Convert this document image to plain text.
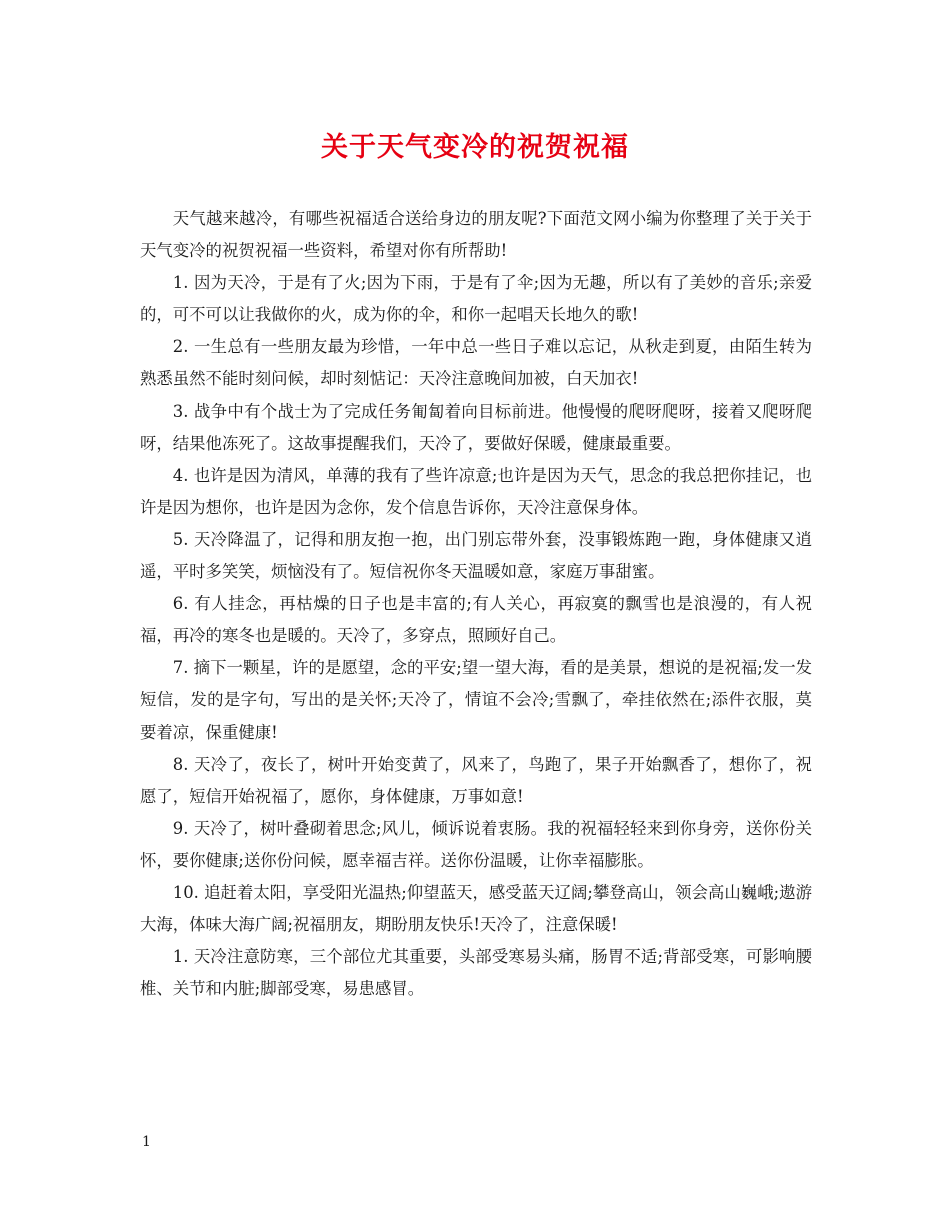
关于天气变冷的祝贺祝福

天气越来越冷，有哪些祝福适合送给身边的朋友呢?下面范文网小编为你整理了关于关于天气变冷的祝贺祝福一些资料，希望对你有所帮助!

1. 因为天冷，于是有了火;因为下雨，于是有了伞;因为无趣，所以有了美妙的音乐;亲爱的，可不可以让我做你的火，成为你的伞，和你一起唱天长地久的歌!

2. 一生总有一些朋友最为珍惜，一年中总一些日子难以忘记，从秋走到夏，由陌生转为熟悉虽然不能时刻问候，却时刻惦记：天冷注意晚间加被，白天加衣!

3. 战争中有个战士为了完成任务匍匐着向目标前进。他慢慢的爬呀爬呀，接着又爬呀爬呀，结果他冻死了。这故事提醒我们，天冷了，要做好保暖，健康最重要。

4. 也许是因为清风，单薄的我有了些许凉意;也许是因为天气，思念的我总把你挂记，也许是因为想你，也许是因为念你，发个信息告诉你，天冷注意保身体。

5. 天冷降温了，记得和朋友抱一抱，出门别忘带外套，没事锻炼跑一跑，身体健康又逍遥，平时多笑笑，烦恼没有了。短信祝你冬天温暖如意，家庭万事甜蜜。

6. 有人挂念，再枯燥的日子也是丰富的;有人关心，再寂寞的飘雪也是浪漫的，有人祝福，再冷的寒冬也是暖的。天冷了，多穿点，照顾好自己。

7. 摘下一颗星，许的是愿望，念的平安;望一望大海，看的是美景，想说的是祝福;发一发短信，发的是字句，写出的是关怀;天冷了，情谊不会冷;雪飘了，牵挂依然在;添件衣服，莫要着凉，保重健康!

8. 天冷了，夜长了，树叶开始变黄了，风来了，鸟跑了，果子开始飘香了，想你了，祝愿了，短信开始祝福了，愿你，身体健康，万事如意!

9. 天冷了，树叶叠砌着思念;风儿，倾诉说着衷肠。我的祝福轻轻来到你身旁，送你份关怀，要你健康;送你份问候，愿幸福吉祥。送你份温暖，让你幸福膨胀。

10. 追赶着太阳，享受阳光温热;仰望蓝天，感受蓝天辽阔;攀登高山，领会高山巍峨;遨游大海，体味大海广阔;祝福朋友，期盼朋友快乐!天冷了，注意保暖!

1. 天冷注意防寒，三个部位尤其重要，头部受寒易头痛，肠胃不适;背部受寒，可影响腰椎、关节和内脏;脚部受寒，易患感冒。

1
